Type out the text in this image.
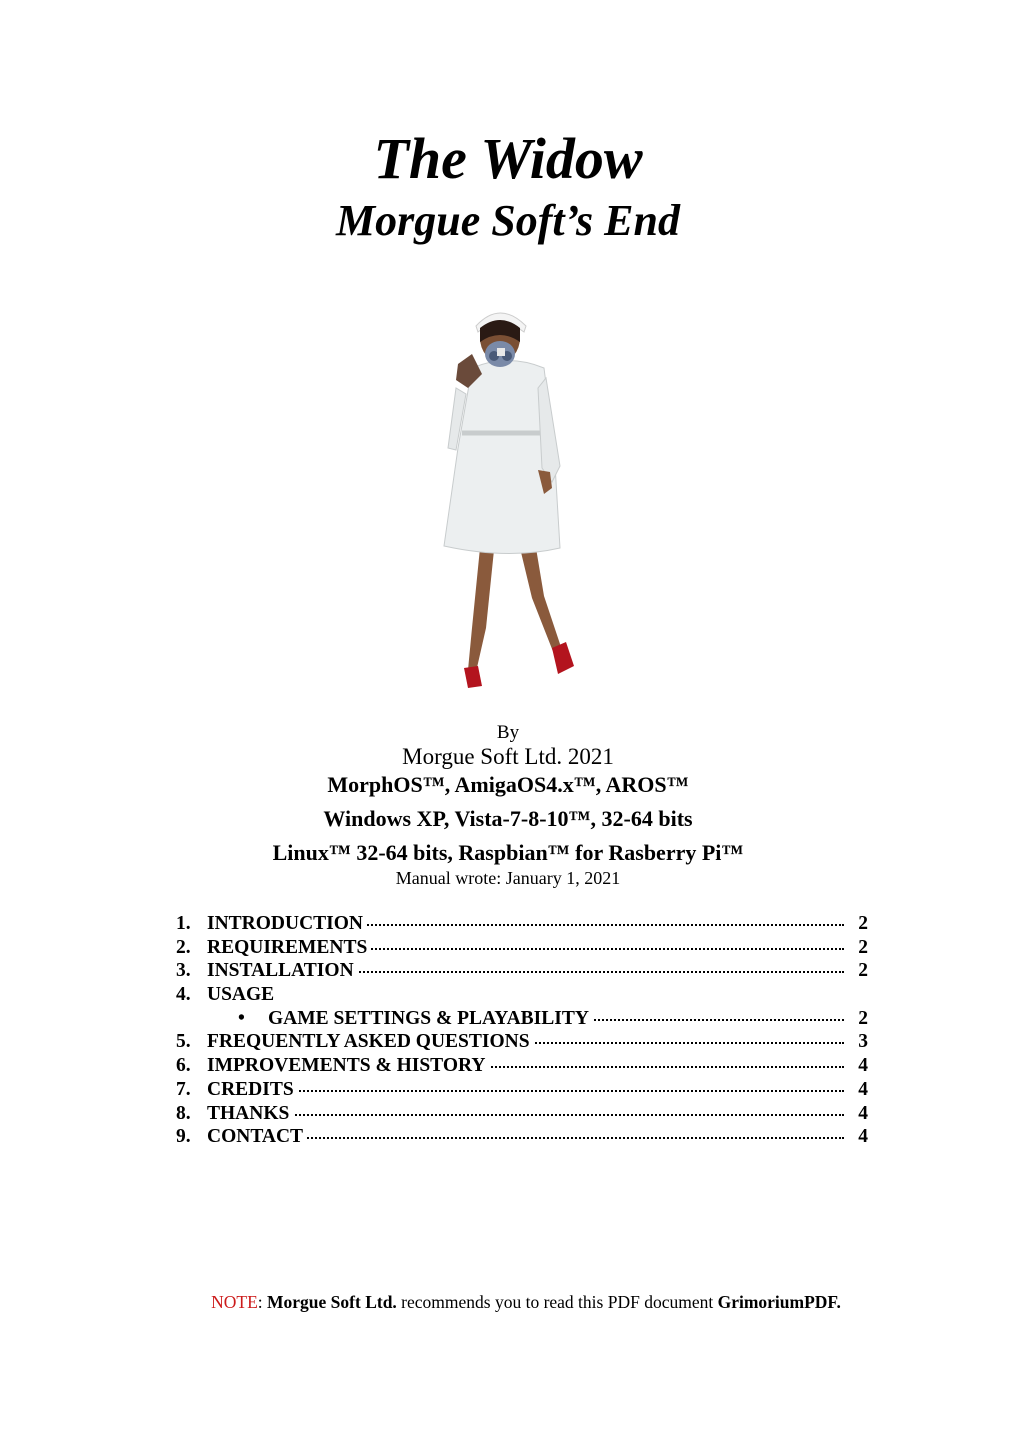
The Widow
Morgue Soft’s End
By
Morgue Soft Ltd. 2021
MorphOS™, AmigaOS4.x™, AROS™
Windows XP, Vista-7-8-10™, 32-64 bits
Linux™ 32-64 bits, Raspbian™ for Rasberry Pi™
Manual wrote: January 1, 2021
1. INTRODUCTION	2
2. REQUIREMENTS	2
3. INSTALLATION	2
4. USAGE
• GAME SETTINGS & PLAYABILITY	2
5. FREQUENTLY ASKED QUESTIONS	3
6. IMPROVEMENTS & HISTORY	4
7. CREDITS	4
8. THANKS	4
9. CONTACT	4
NOTE: Morgue Soft Ltd. recommends you to read this PDF document GrimoriumPDF.
